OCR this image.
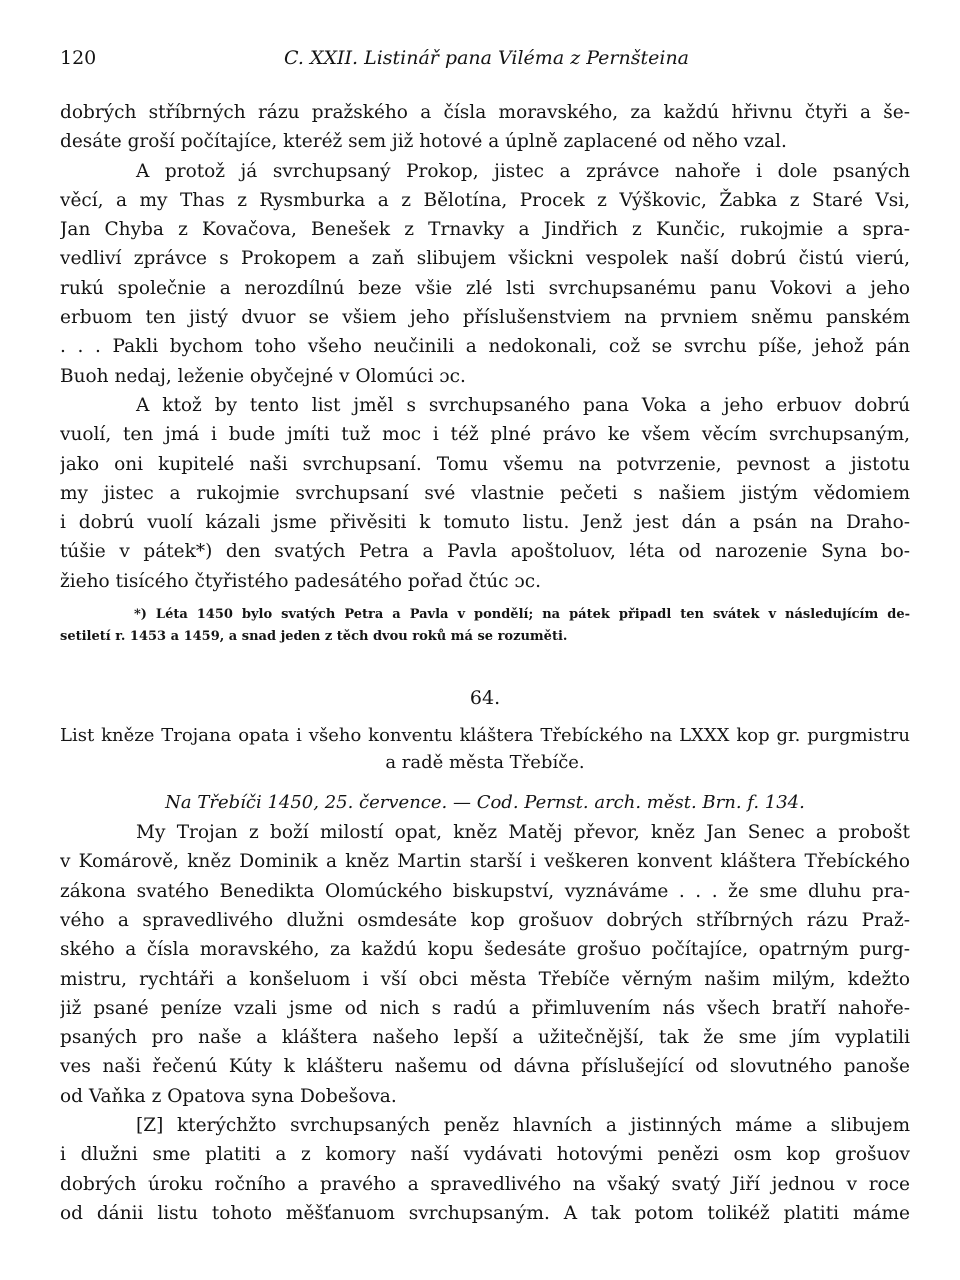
120	C. XXII. Listinář pana Viléma z Pernšteina
dobrých stříbrných rázu pražského a čísla moravského, za každú hřivnu čtyři a še-
desáte groší počítajíce, kteréž sem již hotové a úplně zaplacené od něho vzal.
A protož já svrchupsaný Prokop, jistec a zprávce nahoře i dole psaných
věcí, a my Thas z Rysmburka a z Bělotína, Procek z Výškovic, Žabka z Staré Vsi,
Jan Chyba z Kovačova, Benešek z Trnavky a Jindřich z Kunčic, rukojmie a spra-
vedliví zprávce s Prokopem a zaň slibujem všickni vespolek naší dobrú čistú vierú,
rukú společnie a nerozdílnú beze všie zlé lsti svrchupsanému panu Vokovi a jeho
erbuom ten jistý dvuor se všiem jeho příslušenstviem na prvniem sněmu panském
. . . Pakli bychom toho všeho neučinili a nedokonali, což se svrchu píše, jehož pán
Buoh nedaj, leženie obyčejné v Olomúci ɔc.
A ktož by tento list jměl s svrchupsaného pana Voka a jeho erbuov dobrú
vuolí, ten jmá i bude jmíti tuž moc i též plné právo ke všem věcím svrchupsaným,
jako oni kupitelé naši svrchupsaní. Tomu všemu na potvrzenie, pevnost a jistotu
my jistec a rukojmie svrchupsaní své vlastnie pečeti s našiem jistým vědomiem
i dobrú vuolí kázali jsme přivěsiti k tomuto listu. Jenž jest dán a psán na Draho-
túšie v pátek*) den svatých Petra a Pavla apoštoluov, léta od narozenie Syna bo-
žieho tisícého čtyřistého padesátého pořad čtúc ɔc.
*) Léta 1450 bylo svatých Petra a Pavla v pondělí; na pátek připadl ten svátek v následujícím de-
setiletí r. 1453 a 1459, a snad jeden z těch dvou roků má se rozuměti.
64.
List kněze Trojana opata i všeho konventu kláštera Třebíckého na LXXX kop gr. purgmistru
a radě města Třebíče.
Na Třebíči 1450, 25. července. — Cod. Pernst. arch. měst. Brn. f. 134.
My Trojan z boží milostí opat, kněz Matěj převor, kněz Jan Senec a probošt
v Komárově, kněz Dominik a kněz Martin starší i veškeren konvent kláštera Třebíckého
zákona svatého Benedikta Olomúckého biskupství, vyznáváme . . . že sme dluhu pra-
vého a spravedlivého dlužni osmdesáte kop grošuov dobrých stříbrných rázu Praž-
ského a čísla moravského, za každú kopu šedesáte grošuo počítajíce, opatrným purg-
mistru, rychtáři a konšeluom i vší obci města Třebíče věrným našim milým, kdežto
již psané peníze vzali jsme od nich s radú a přimluvením nás všech bratří nahoře-
psaných pro naše a kláštera našeho lepší a užitečnější, tak že sme jím vyplatili
ves naši řečenú Kúty k klášteru našemu od dávna příslušející od slovutného panoše
od Vaňka z Opatova syna Dobešova.
[Z] kterýchžto svrchupsaných peněz hlavních a jistinných máme a slibujem
i dlužni sme platiti a z komory naší vydávati hotovými penězi osm kop grošuov
dobrých úroku ročního a pravého a spravedlivého na všaký svatý Jiří jednou v roce
od dánii listu tohoto měšťanuom svrchupsaným. A tak potom tolikéž platiti máme
